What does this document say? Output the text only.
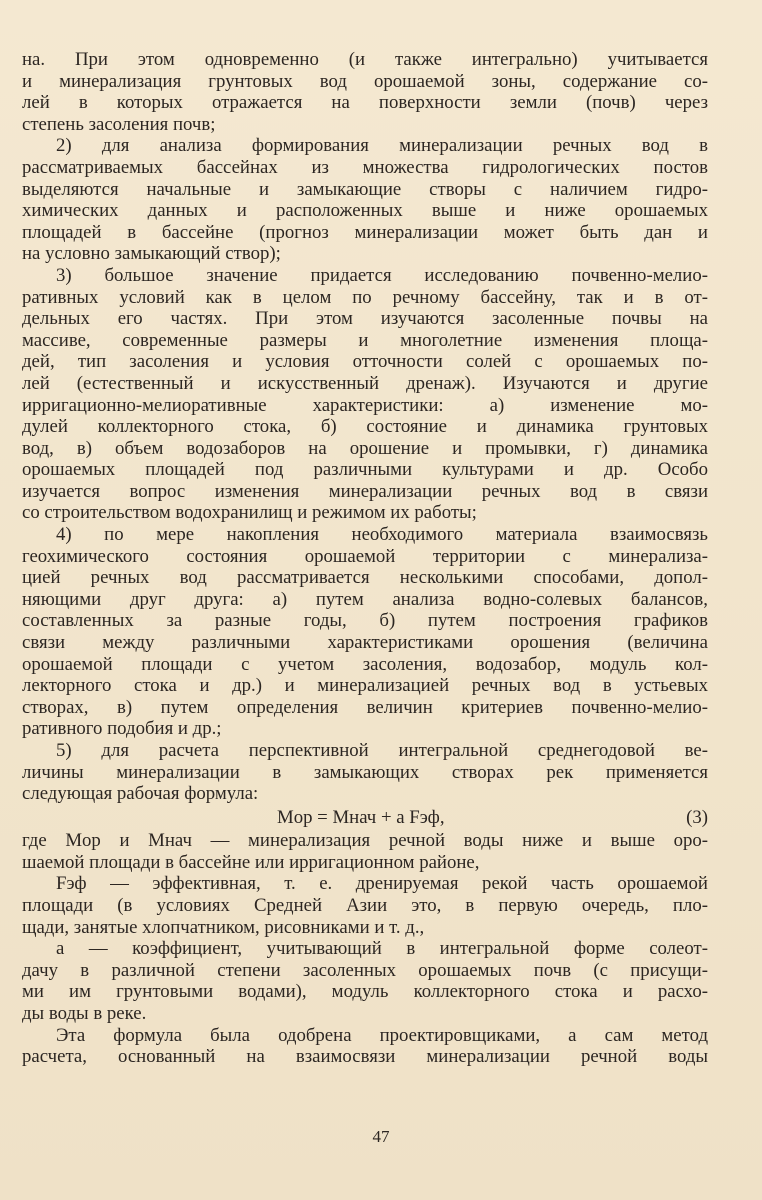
на. При этом одновременно (и также интегрально) учитывается
и минерализация грунтовых вод орошаемой зоны, содержание со-
лей в которых отражается на поверхности земли (почв) через
степень засоления почв;
2) для анализа формирования минерализации речных вод в
рассматриваемых бассейнах из множества гидрологических постов
выделяются начальные и замыкающие створы с наличием гидро-
химических данных и расположенных выше и ниже орошаемых
площадей в бассейне (прогноз минерализации может быть дан и
на условно замыкающий створ);
3) большое значение придается исследованию почвенно-мелио-
ративных условий как в целом по речному бассейну, так и в от-
дельных его частях. При этом изучаются засоленные почвы на
массиве, современные размеры и многолетние изменения площа-
дей, тип засоления и условия отточности солей с орошаемых по-
лей (естественный и искусственный дренаж). Изучаются и другие
ирригационно-мелиоративные характеристики: а) изменение мо-
дулей коллекторного стока, б) состояние и динамика грунтовых
вод, в) объем водозаборов на орошение и промывки, г) динамика
орошаемых площадей под различными культурами и др. Особо
изучается вопрос изменения минерализации речных вод в связи
со строительством водохранилищ и режимом их работы;
4) по мере накопления необходимого материала взаимосвязь
геохимического состояния орошаемой территории с минерализа-
цией речных вод рассматривается несколькими способами, допол-
няющими друг друга: а) путем анализа водно-солевых балансов,
составленных за разные годы, б) путем построения графиков
связи между различными характеристиками орошения (величина
орошаемой площади с учетом засоления, водозабор, модуль кол-
лекторного стока и др.) и минерализацией речных вод в устьевых
створах, в) путем определения величин критериев почвенно-мелио-
ративного подобия и др.;
5) для расчета перспективной интегральной среднегодовой ве-
личины минерализации в замыкающих створах рек применяется
следующая рабочая формула:
Mор = Mнач + a Fэф,	(3)
где Mор и Mнач — минерализация речной воды ниже и выше оро-
шаемой площади в бассейне или ирригационном районе,
Fэф — эффективная, т. е. дренируемая рекой часть орошаемой
площади (в условиях Средней Азии это, в первую очередь, пло-
щади, занятые хлопчатником, рисовниками и т. д.,
а — коэффициент, учитывающий в интегральной форме солеот-
дачу в различной степени засоленных орошаемых почв (с присущи-
ми им грунтовыми водами), модуль коллекторного стока и расхо-
ды воды в реке.
Эта формула была одобрена проектировщиками, а сам метод
расчета, основанный на взаимосвязи минерализации речной воды
47
